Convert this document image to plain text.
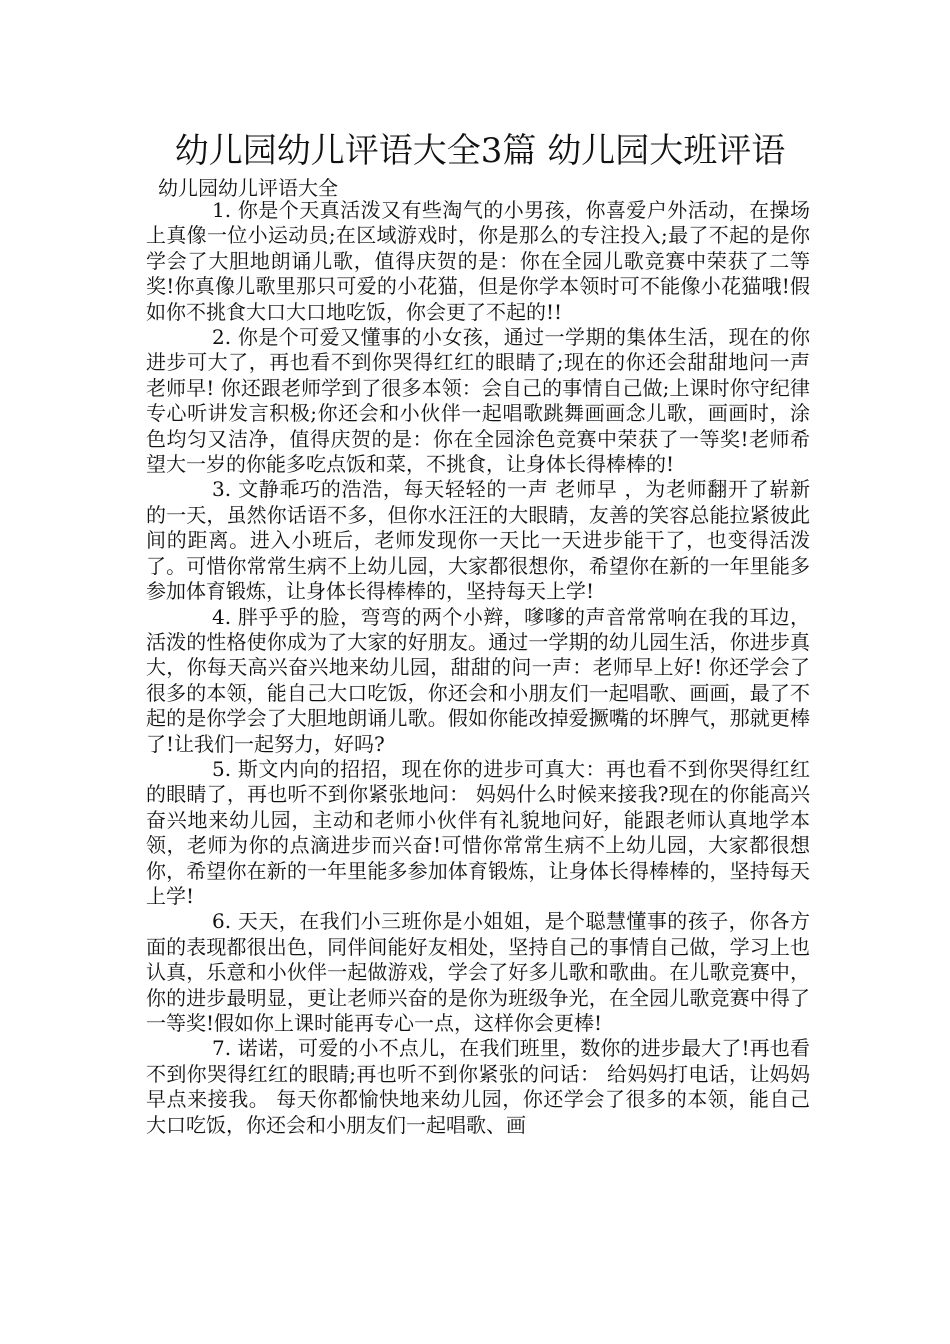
幼儿园幼儿评语大全3篇 幼儿园大班评语

幼儿园幼儿评语大全

1. 你是个天真活泼又有些淘气的小男孩，你喜爱户外活动，在操场上真像一位小运动员;在区域游戏时，你是那么的专注投入;最了不起的是你学会了大胆地朗诵儿歌，值得庆贺的是：你在全园儿歌竞赛中荣获了二等奖!你真像儿歌里那只可爱的小花猫，但是你学本领时可不能像小花猫哦!假如你不挑食大口大口地吃饭，你会更了不起的!!

2. 你是个可爱又懂事的小女孩，通过一学期的集体生活，现在的你进步可大了，再也看不到你哭得红红的眼睛了;现在的你还会甜甜地问一声 老师早! 你还跟老师学到了很多本领：会自己的事情自己做;上课时你守纪律专心听讲发言积极;你还会和小伙伴一起唱歌跳舞画画念儿歌，画画时，涂色均匀又洁净，值得庆贺的是：你在全园涂色竞赛中荣获了一等奖!老师希望大一岁的你能多吃点饭和菜，不挑食，让身体长得棒棒的!

3. 文静乖巧的浩浩，每天轻轻的一声 老师早 ，为老师翻开了崭新的一天，虽然你话语不多，但你水汪汪的大眼睛，友善的笑容总能拉紧彼此间的距离。进入小班后，老师发现你一天比一天进步能干了，也变得活泼了。可惜你常常生病不上幼儿园，大家都很想你，希望你在新的一年里能多参加体育锻炼，让身体长得棒棒的，坚持每天上学!

4. 胖乎乎的脸，弯弯的两个小辫，嗲嗲的声音常常响在我的耳边，活泼的性格使你成为了大家的好朋友。通过一学期的幼儿园生活，你进步真大，你每天高兴奋兴地来幼儿园，甜甜的问一声：老师早上好! 你还学会了很多的本领，能自己大口吃饭，你还会和小朋友们一起唱歌、画画，最了不起的是你学会了大胆地朗诵儿歌。假如你能改掉爱撅嘴的坏脾气，那就更棒了!让我们一起努力，好吗?

5. 斯文内向的招招，现在你的进步可真大：再也看不到你哭得红红的眼睛了，再也听不到你紧张地问： 妈妈什么时候来接我?现在的你能高兴奋兴地来幼儿园，主动和老师小伙伴有礼貌地问好，能跟老师认真地学本领，老师为你的点滴进步而兴奋!可惜你常常生病不上幼儿园，大家都很想你，希望你在新的一年里能多参加体育锻炼，让身体长得棒棒的，坚持每天上学!

6. 天天，在我们小三班你是小姐姐，是个聪慧懂事的孩子，你各方面的表现都很出色，同伴间能好友相处，坚持自己的事情自己做，学习上也认真，乐意和小伙伴一起做游戏，学会了好多儿歌和歌曲。在儿歌竞赛中，你的进步最明显，更让老师兴奋的是你为班级争光，在全园儿歌竞赛中得了一等奖!假如你上课时能再专心一点，这样你会更棒!

7. 诺诺，可爱的小不点儿，在我们班里，数你的进步最大了!再也看不到你哭得红红的眼睛;再也听不到你紧张的问话： 给妈妈打电话，让妈妈早点来接我。 每天你都愉快地来幼儿园，你还学会了很多的本领，能自己大口吃饭，你还会和小朋友们一起唱歌、画
